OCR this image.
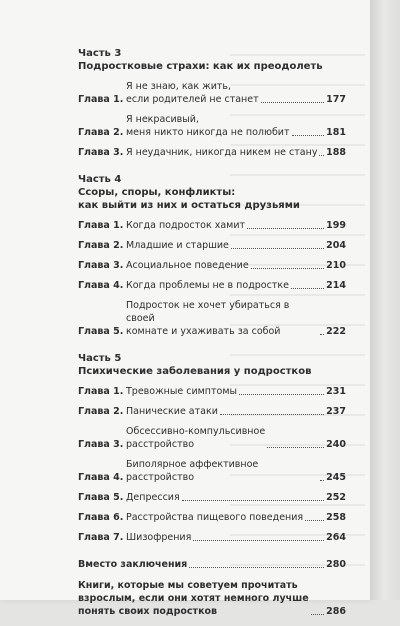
Часть 3
Подростковые страхи: как их преодолеть
Глава 1.
Я не знаю, как жить,
если родителей не станет	177
Глава 2.
Я некрасивый,
меня никто никогда не полюбит	181
Глава 3. Я неудачник, никогда никем не стану 188
Часть 4
Ссоры, споры, конфликты:
как выйти из них и остаться друзьями
Глава 1. Когда подросток хамит	199
Глава 2. Младшие и старшие	204
Глава 3. Асоциальное поведение	210
Глава 4. Когда проблемы не в подростке	214
Глава 5.
Подросток не хочет убираться в своей
комнате и ухаживать за собой	222
Часть 5
Психические заболевания у подростков
Глава 1. Тревожные симптомы	231
Глава 2. Панические атаки	237
Глава 3.
Обсессивно-компульсивное
расстройство	240
Глава 4.
Биполярное аффективное расстройство	245
Глава 5. Депрессия	252
Глава 6. Расстройства пищевого поведения 258
Глава 7. Шизофрения	264
Вместо заключения	280
Книги, которые мы советуем прочитать
взрослым, если они хотят немного лучше
понять своих подростков	286
